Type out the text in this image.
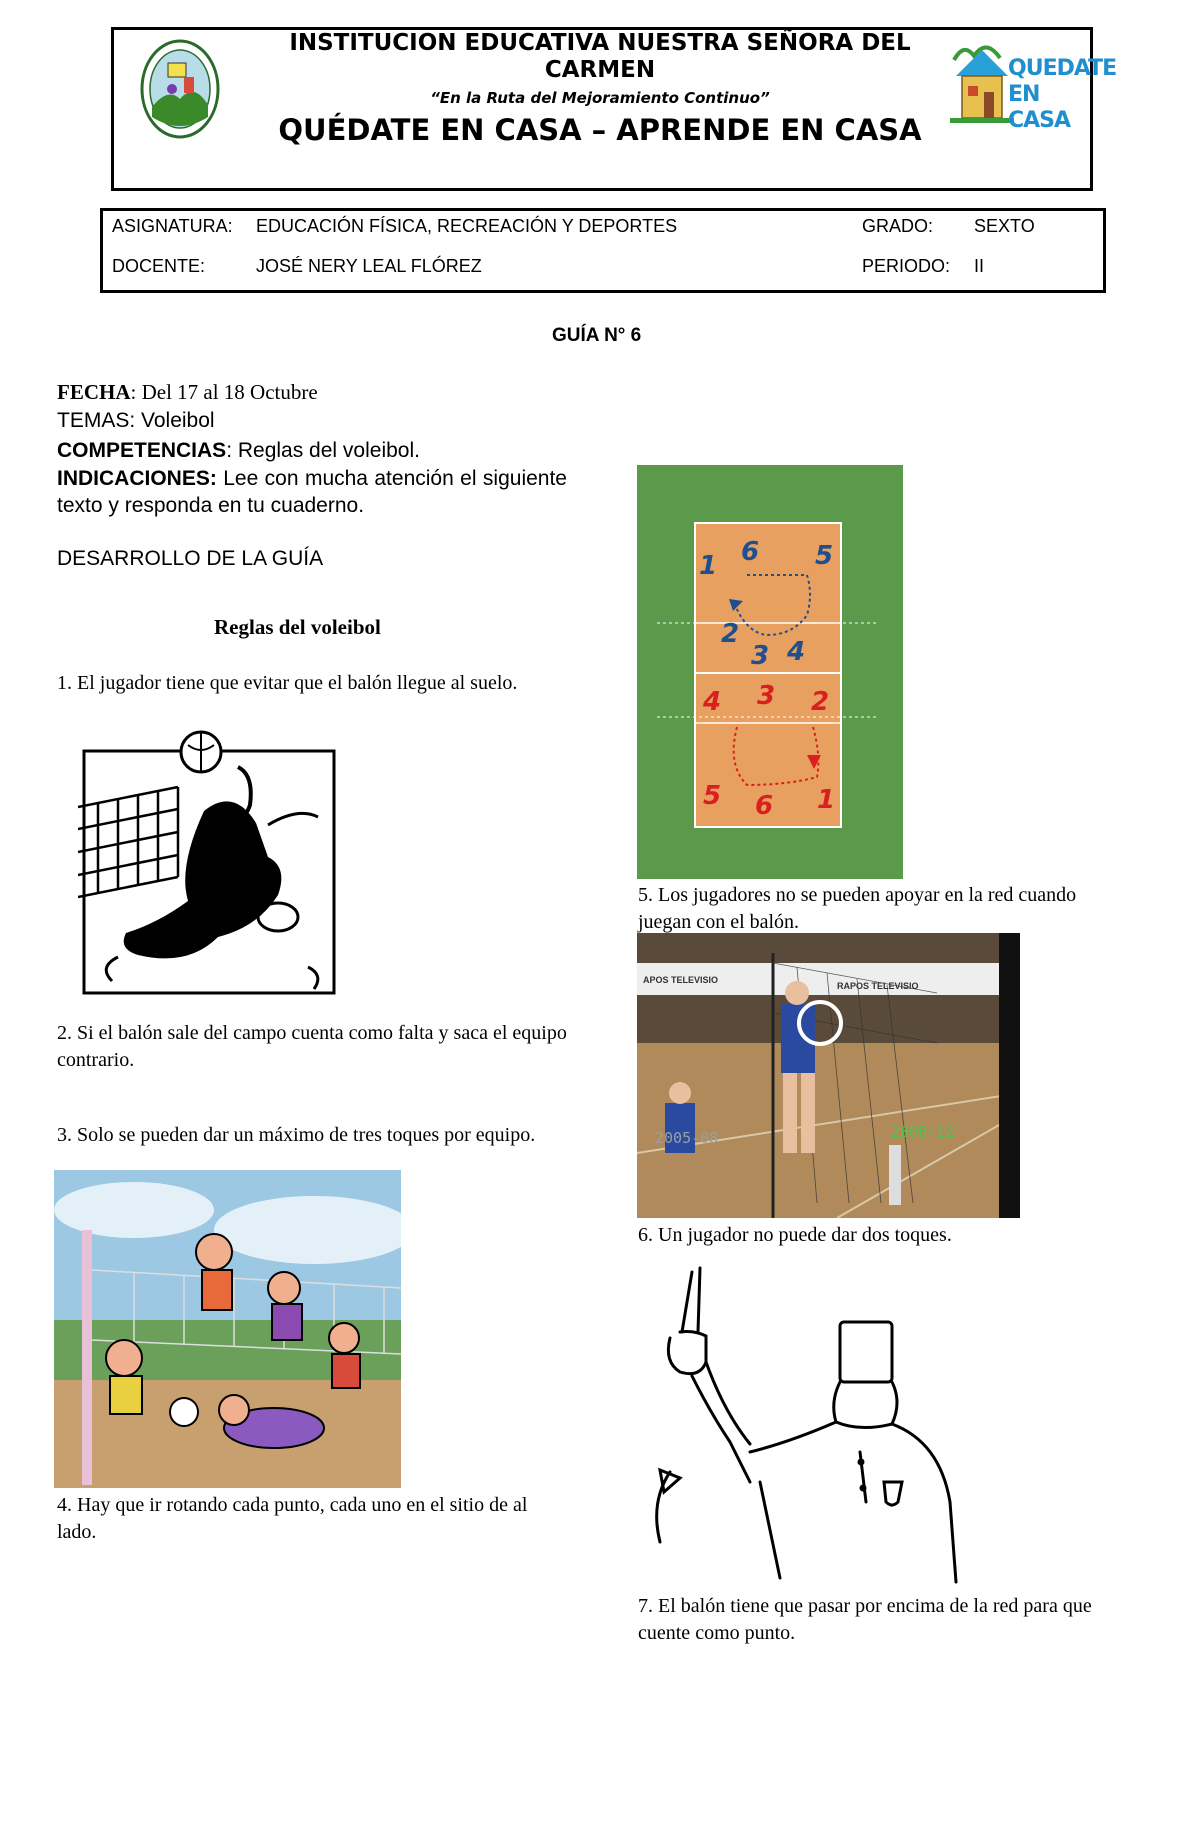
INSTITUCION EDUCATIVA NUESTRA SEÑORA DEL CARMEN
“En la Ruta del Mejoramiento Continuo”
QUÉDATE EN CASA – APRENDE EN CASA
QUEDATE
EN CASA
ASIGNATURA: EDUCACIÓN FÍSICA, RECREACIÓN Y DEPORTES	GRADO: SEXTO
DOCENTE:	JOSÉ NERY LEAL FLÓREZ	PERIODO: II
GUÍA N° 6
FECHA: Del 17 al 18 Octubre
TEMAS: Voleibol
COMPETENCIAS: Reglas del voleibol.
INDICACIONES: Lee con mucha atención el siguiente texto y responda en tu cuaderno.
DESARROLLO DE LA GUÍA
Reglas del voleibol
1. El jugador tiene que evitar que el balón llegue al suelo.
2. Si el balón sale del campo cuenta como falta y saca el equipo contrario.
3. Solo se pueden dar un máximo de tres toques por equipo.
4. Hay que ir rotando cada punto, cada uno en el sitio de al lado.
5. Los jugadores no se pueden apoyar en la red cuando juegan con el balón.
6. Un jugador no puede dar dos toques.
7. El balón tiene que pasar por encima de la red para que cuente como punto.
1 6 5
2
3 4
4 3 2
5 6 1
APOS TELEVISIO
RAPOS TELEVISIO
2005-08	2006-12
